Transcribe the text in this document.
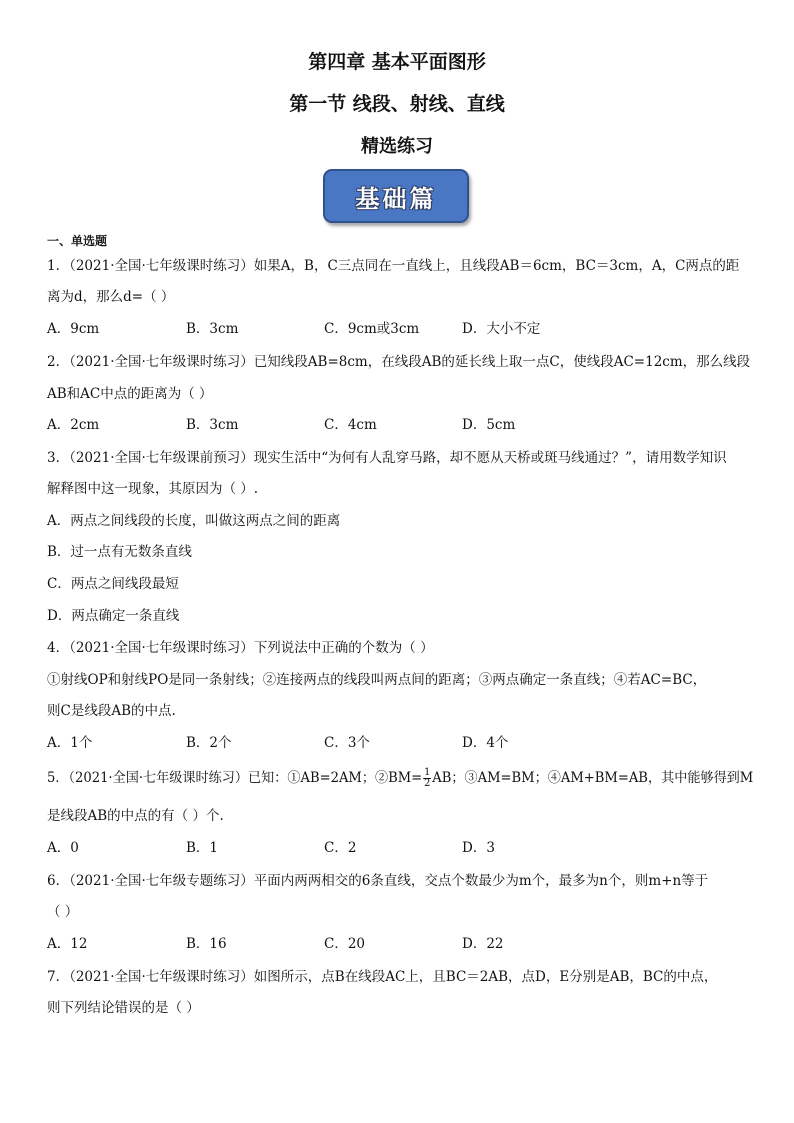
第四章 基本平面图形
第一节 线段、射线、直线
精选练习
基础篇
一、单选题
1．（2021·全国·七年级课时练习）如果A，B，C三点同在一直线上，且线段AB＝6cm，BC＝3cm，A，C两点的距
离为d，那么d=（ ）
A．9cm	B．3cm	C．9cm或3cm	D．大小不定
2．（2021·全国·七年级课时练习）已知线段AB=8cm，在线段AB的延长线上取一点C，使线段AC=12cm，那么线段
AB和AC中点的距离为（ ）
A．2cm	B．3cm	C．4cm	D．5cm
3．（2021·全国·七年级课前预习）现实生活中“为何有人乱穿马路，却不愿从天桥或斑马线通过？”，请用数学知识
解释图中这一现象，其原因为（ ）.
A．两点之间线段的长度，叫做这两点之间的距离
B．过一点有无数条直线
C．两点之间线段最短
D．两点确定一条直线
4．（2021·全国·七年级课时练习）下列说法中正确的个数为（ ）
①射线OP和射线PO是同一条射线；②连接两点的线段叫两点间的距离；③两点确定一条直线；④若AC=BC，
则C是线段AB的中点.
A．1个	B．2个	C．3个	D．4个
5．（2021·全国·七年级课时练习）已知：①AB=2AM；②BM= $\frac{1}{2}$ AB；③AM=BM；④AM+BM=AB，其中能够得到M
是线段AB的中点的有（ ）个.
A．0	B．1	C．2	D．3
6．（2021·全国·七年级专题练习）平面内两两相交的6条直线，交点个数最少为m个，最多为n个，则m+n等于
（ ）
A．12	B．16	C．20	D．22
7．（2021·全国·七年级课时练习）如图所示，点B在线段AC上，且BC＝2AB，点D，E分别是AB，BC的中点，
则下列结论错误的是（ ）
